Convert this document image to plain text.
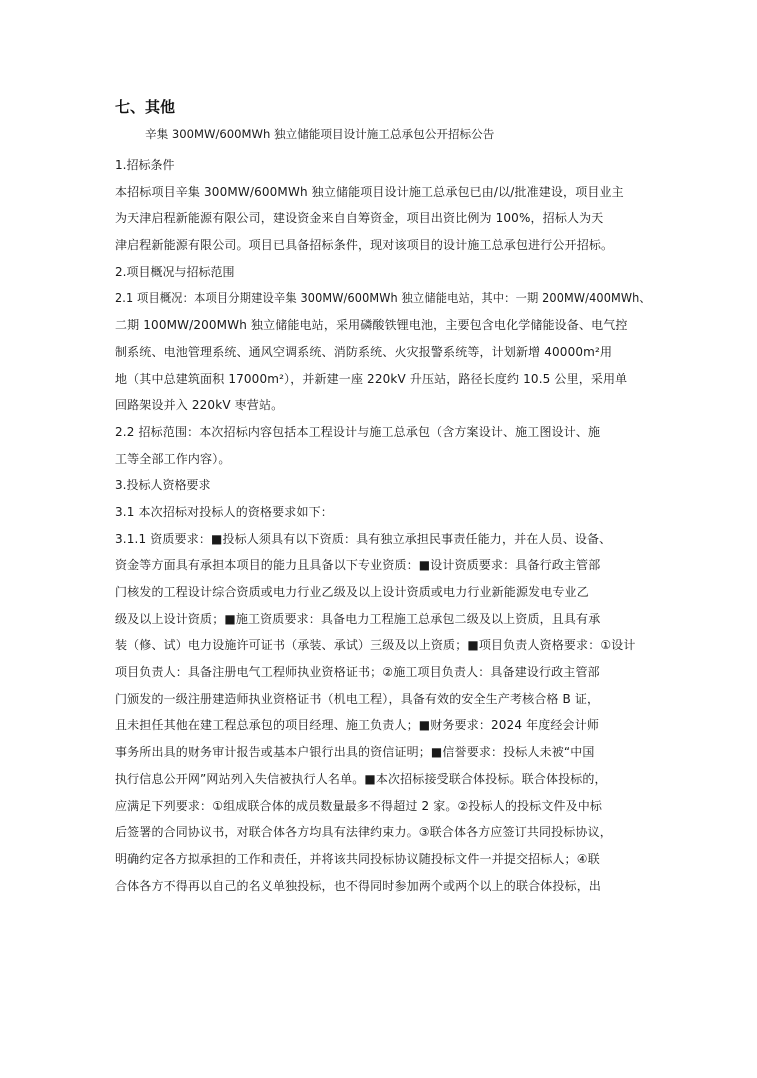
七、其他

辛集 300MW/600MWh 独立储能项目设计施工总承包公开招标公告

1.招标条件
本招标项目辛集 300MW/600MWh 独立储能项目设计施工总承包已由/以/批准建设，项目业主
为天津启程新能源有限公司，建设资金来自自筹资金，项目出资比例为 100%，招标人为天
津启程新能源有限公司。项目已具备招标条件，现对该项目的设计施工总承包进行公开招标。
2.项目概况与招标范围
2.1 项目概况：本项目分期建设辛集 300MW/600MWh 独立储能电站，其中：一期 200MW/400MWh、
二期 100MW/200MWh 独立储能电站，采用磷酸铁锂电池，主要包含电化学储能设备、电气控
制系统、电池管理系统、通风空调系统、消防系统、火灾报警系统等，计划新增 40000m²用
地（其中总建筑面积 17000m²），并新建一座 220kV 升压站，路径长度约 10.5 公里，采用单
回路架设并入 220kV 枣营站。
2.2 招标范围：本次招标内容包括本工程设计与施工总承包（含方案设计、施工图设计、施
工等全部工作内容）。
3.投标人资格要求
3.1 本次招标对投标人的资格要求如下：
3.1.1 资质要求：■投标人须具有以下资质：具有独立承担民事责任能力，并在人员、设备、
资金等方面具有承担本项目的能力且具备以下专业资质：■设计资质要求：具备行政主管部
门核发的工程设计综合资质或电力行业乙级及以上设计资质或电力行业新能源发电专业乙
级及以上设计资质；■施工资质要求：具备电力工程施工总承包二级及以上资质，且具有承
装（修、试）电力设施许可证书（承装、承试）三级及以上资质；■项目负责人资格要求：①设计
项目负责人：具备注册电气工程师执业资格证书；②施工项目负责人：具备建设行政主管部
门颁发的一级注册建造师执业资格证书（机电工程），具备有效的安全生产考核合格 B 证，
且未担任其他在建工程总承包的项目经理、施工负责人；■财务要求：2024 年度经会计师
事务所出具的财务审计报告或基本户银行出具的资信证明；■信誉要求：投标人未被“中国
执行信息公开网”网站列入失信被执行人名单。■本次招标接受联合体投标。联合体投标的，
应满足下列要求：①组成联合体的成员数量最多不得超过 2 家。②投标人的投标文件及中标
后签署的合同协议书，对联合体各方均具有法律约束力。③联合体各方应签订共同投标协议，
明确约定各方拟承担的工作和责任，并将该共同投标协议随投标文件一并提交招标人；④联
合体各方不得再以自己的名义单独投标，也不得同时参加两个或两个以上的联合体投标，出
